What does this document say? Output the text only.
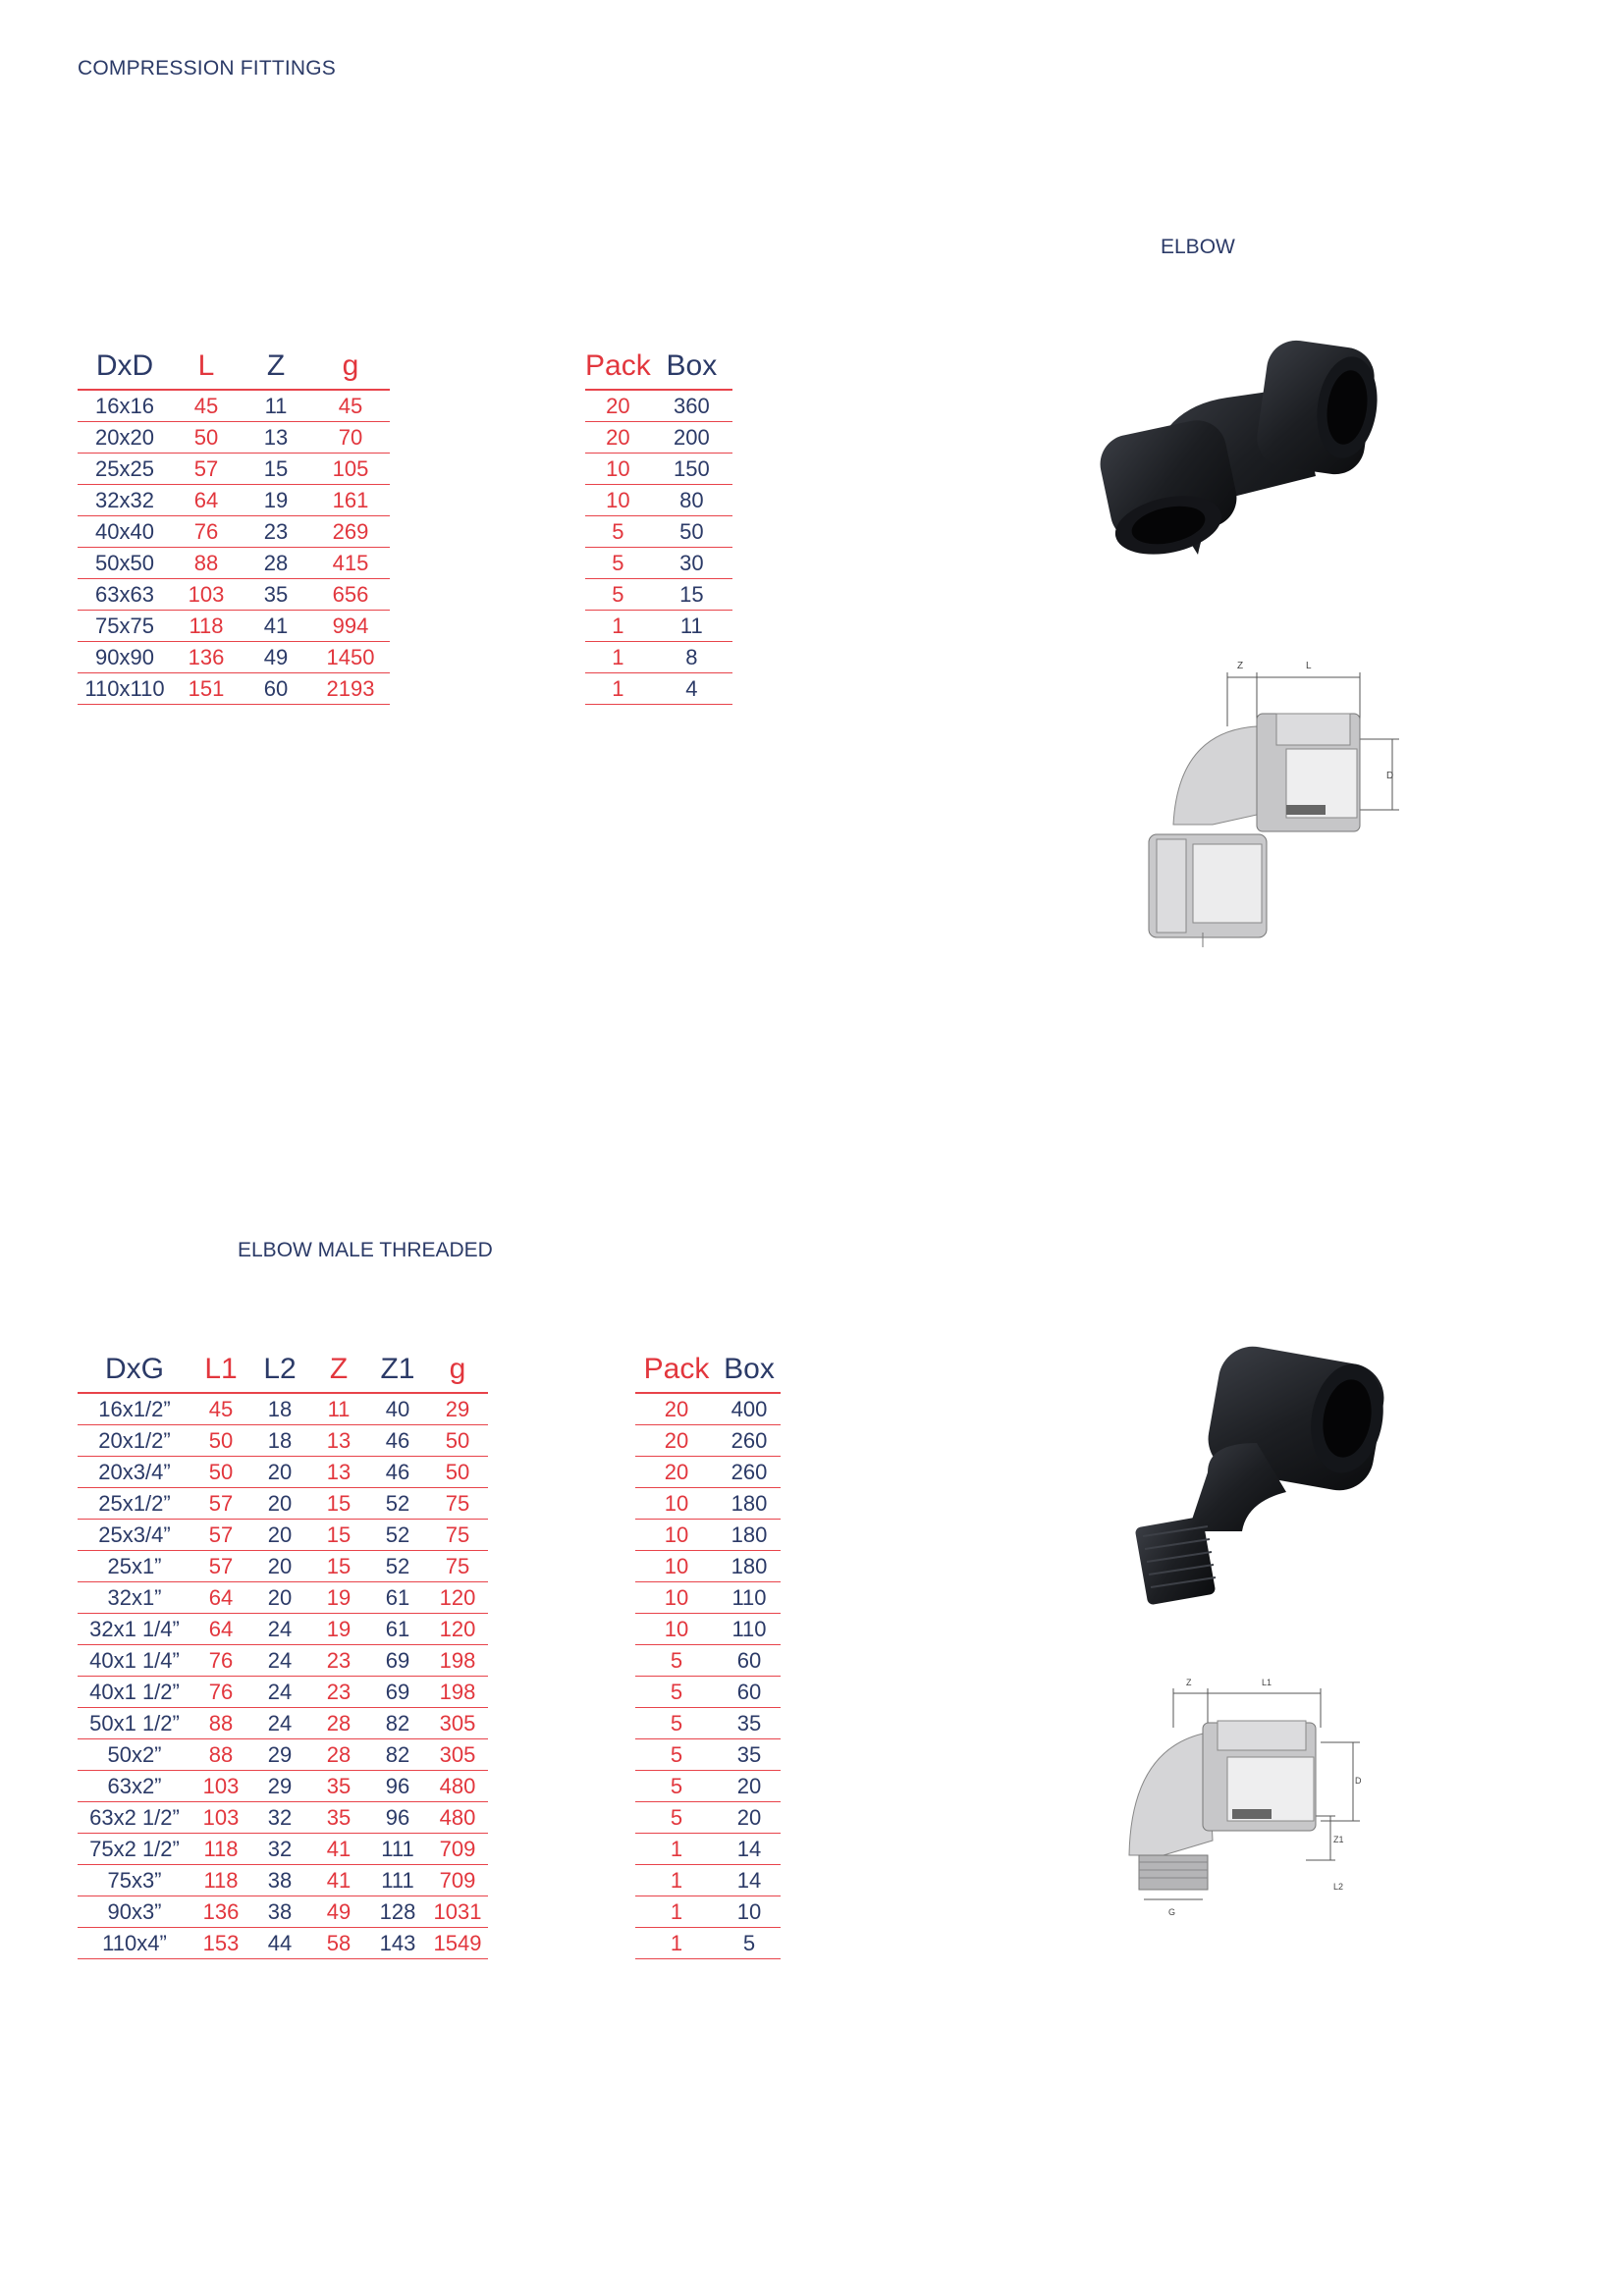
COMPRESSION FITTINGS
ELBOW
DxD	L	Z	g
16x16	45	11	45
20x20	50	13	70
25x25	57	15	105
32x32	64	19	161
40x40	76	23	269
50x50	88	28	415
63x63	103	35	656
75x75	118	41	994
90x90	136	49	1450
110x110	151	60	2193
Pack	Box
20	360
20	200
10	150
10	80
5	50
5	30
5	15
1	11
1	8
1	4
Z	L
D
ELBOW MALE THREADED
DxG	L1	L2	Z	Z1	g
16x1/2”	45	18	11	40	29
20x1/2”	50	18	13	46	50
20x3/4”	50	20	13	46	50
25x1/2”	57	20	15	52	75
25x3/4”	57	20	15	52	75
25x1”	57	20	15	52	75
32x1”	64	20	19	61	120
32x1 1/4”	64	24	19	61	120
40x1 1/4”	76	24	23	69	198
40x1 1/2”	76	24	23	69	198
50x1 1/2”	88	24	28	82	305
50x2”	88	29	28	82	305
63x2”	103	29	35	96	480
63x2 1/2”	103	32	35	96	480
75x2 1/2”	118	32	41	111	709
75x3”	118	38	41	111	709
90x3”	136	38	49	128	1031
110x4”	153	44	58	143	1549
Pack	Box
20	400
20	260
20	260
10	180
10	180
10	180
10	110
10	110
5	60
5	60
5	35
5	35
5	20
5	20
1	14
1	14
1	10
1	5
Z	L1
D
Z1
L2
G
